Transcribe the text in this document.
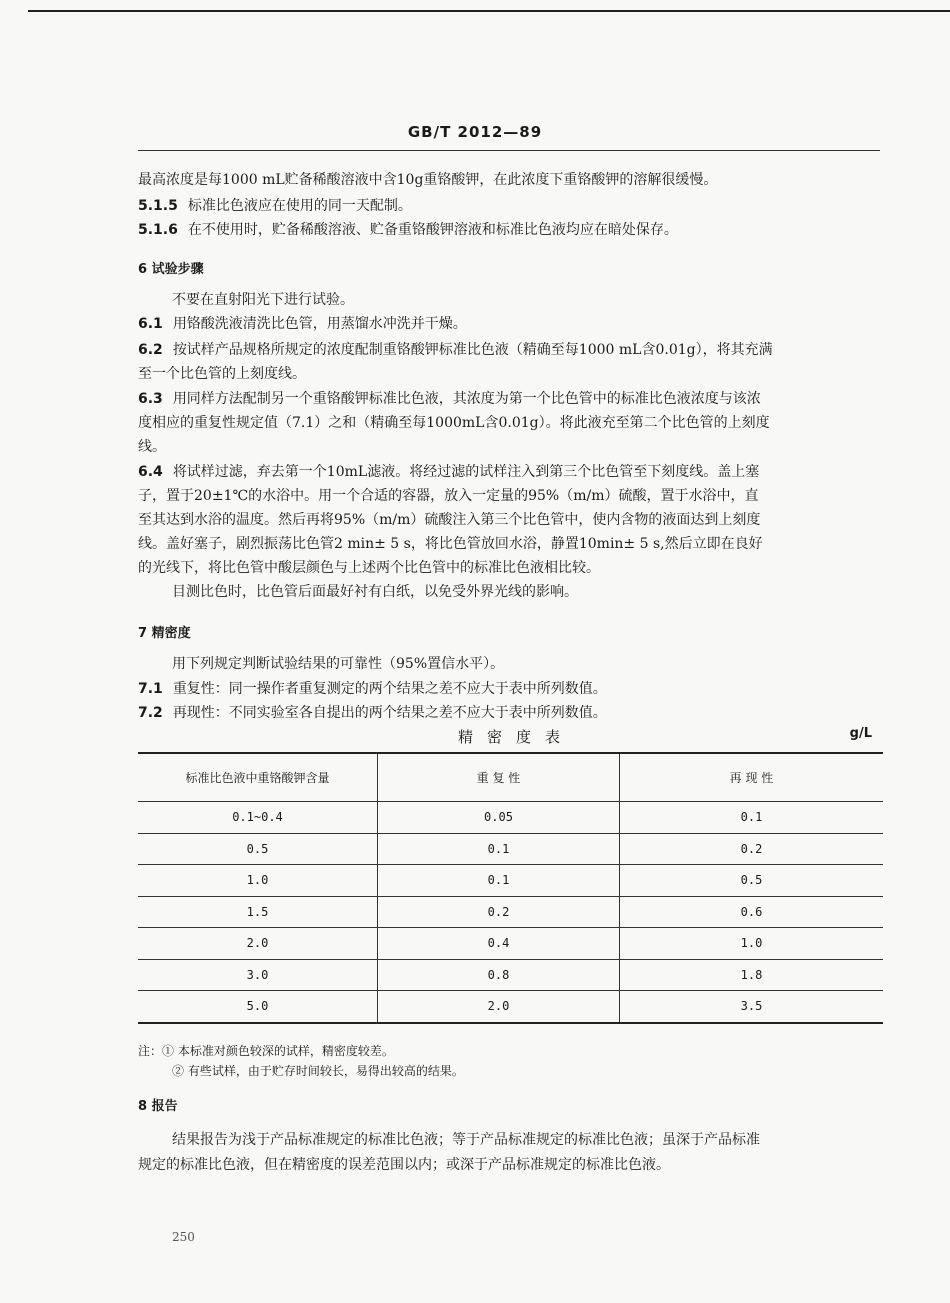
GB/T 2012—89
最高浓度是每1000 mL贮备稀酸溶液中含10g重铬酸钾，在此浓度下重铬酸钾的溶解很缓慢。
5.1.5 标准比色液应在使用的同一天配制。
5.1.6 在不使用时，贮备稀酸溶液、贮备重铬酸钾溶液和标准比色液均应在暗处保存。
6 试验步骤
不要在直射阳光下进行试验。
6.1 用铬酸洗液清洗比色管，用蒸馏水冲洗并干燥。
6.2 按试样产品规格所规定的浓度配制重铬酸钾标准比色液（精确至每1000 mL含0.01g），将其充满
至一个比色管的上刻度线。
6.3 用同样方法配制另一个重铬酸钾标准比色液，其浓度为第一个比色管中的标准比色液浓度与该浓
度相应的重复性规定值（7.1）之和（精确至每1000mL含0.01g）。将此液充至第二个比色管的上刻度
线。
6.4 将试样过滤，弃去第一个10mL滤液。将经过滤的试样注入到第三个比色管至下刻度线。盖上塞
子，置于20±1℃的水浴中。用一个合适的容器，放入一定量的95%（m/m）硫酸，置于水浴中，直
至其达到水浴的温度。然后再将95%（m/m）硫酸注入第三个比色管中，使内含物的液面达到上刻度
线。盖好塞子，剧烈振荡比色管2 min± 5 s，将比色管放回水浴，静置10min± 5 s,然后立即在良好
的光线下，将比色管中酸层颜色与上述两个比色管中的标准比色液相比较。
目测比色时，比色管后面最好衬有白纸，以免受外界光线的影响。
7 精密度
用下列规定判断试验结果的可靠性（95%置信水平）。
7.1 重复性：同一操作者重复测定的两个结果之差不应大于表中所列数值。
7.2 再现性：不同实验室各自提出的两个结果之差不应大于表中所列数值。
精密度表	g/L
标准比色液中重铬酸钾含量	重 复 性	再 现 性
0.1~0.4	0.05	0.1
0.5	0.1	0.2
1.0	0.1	0.5
1.5	0.2	0.6
2.0	0.4	1.0
3.0	0.8	1.8
5.0	2.0	3.5
注：① 本标准对颜色较深的试样，精密度较差。
② 有些试样，由于贮存时间较长，易得出较高的结果。
8 报告
结果报告为浅于产品标准规定的标准比色液；等于产品标准规定的标准比色液；虽深于产品标准
规定的标准比色液，但在精密度的误差范围以内；或深于产品标准规定的标准比色液。
250
